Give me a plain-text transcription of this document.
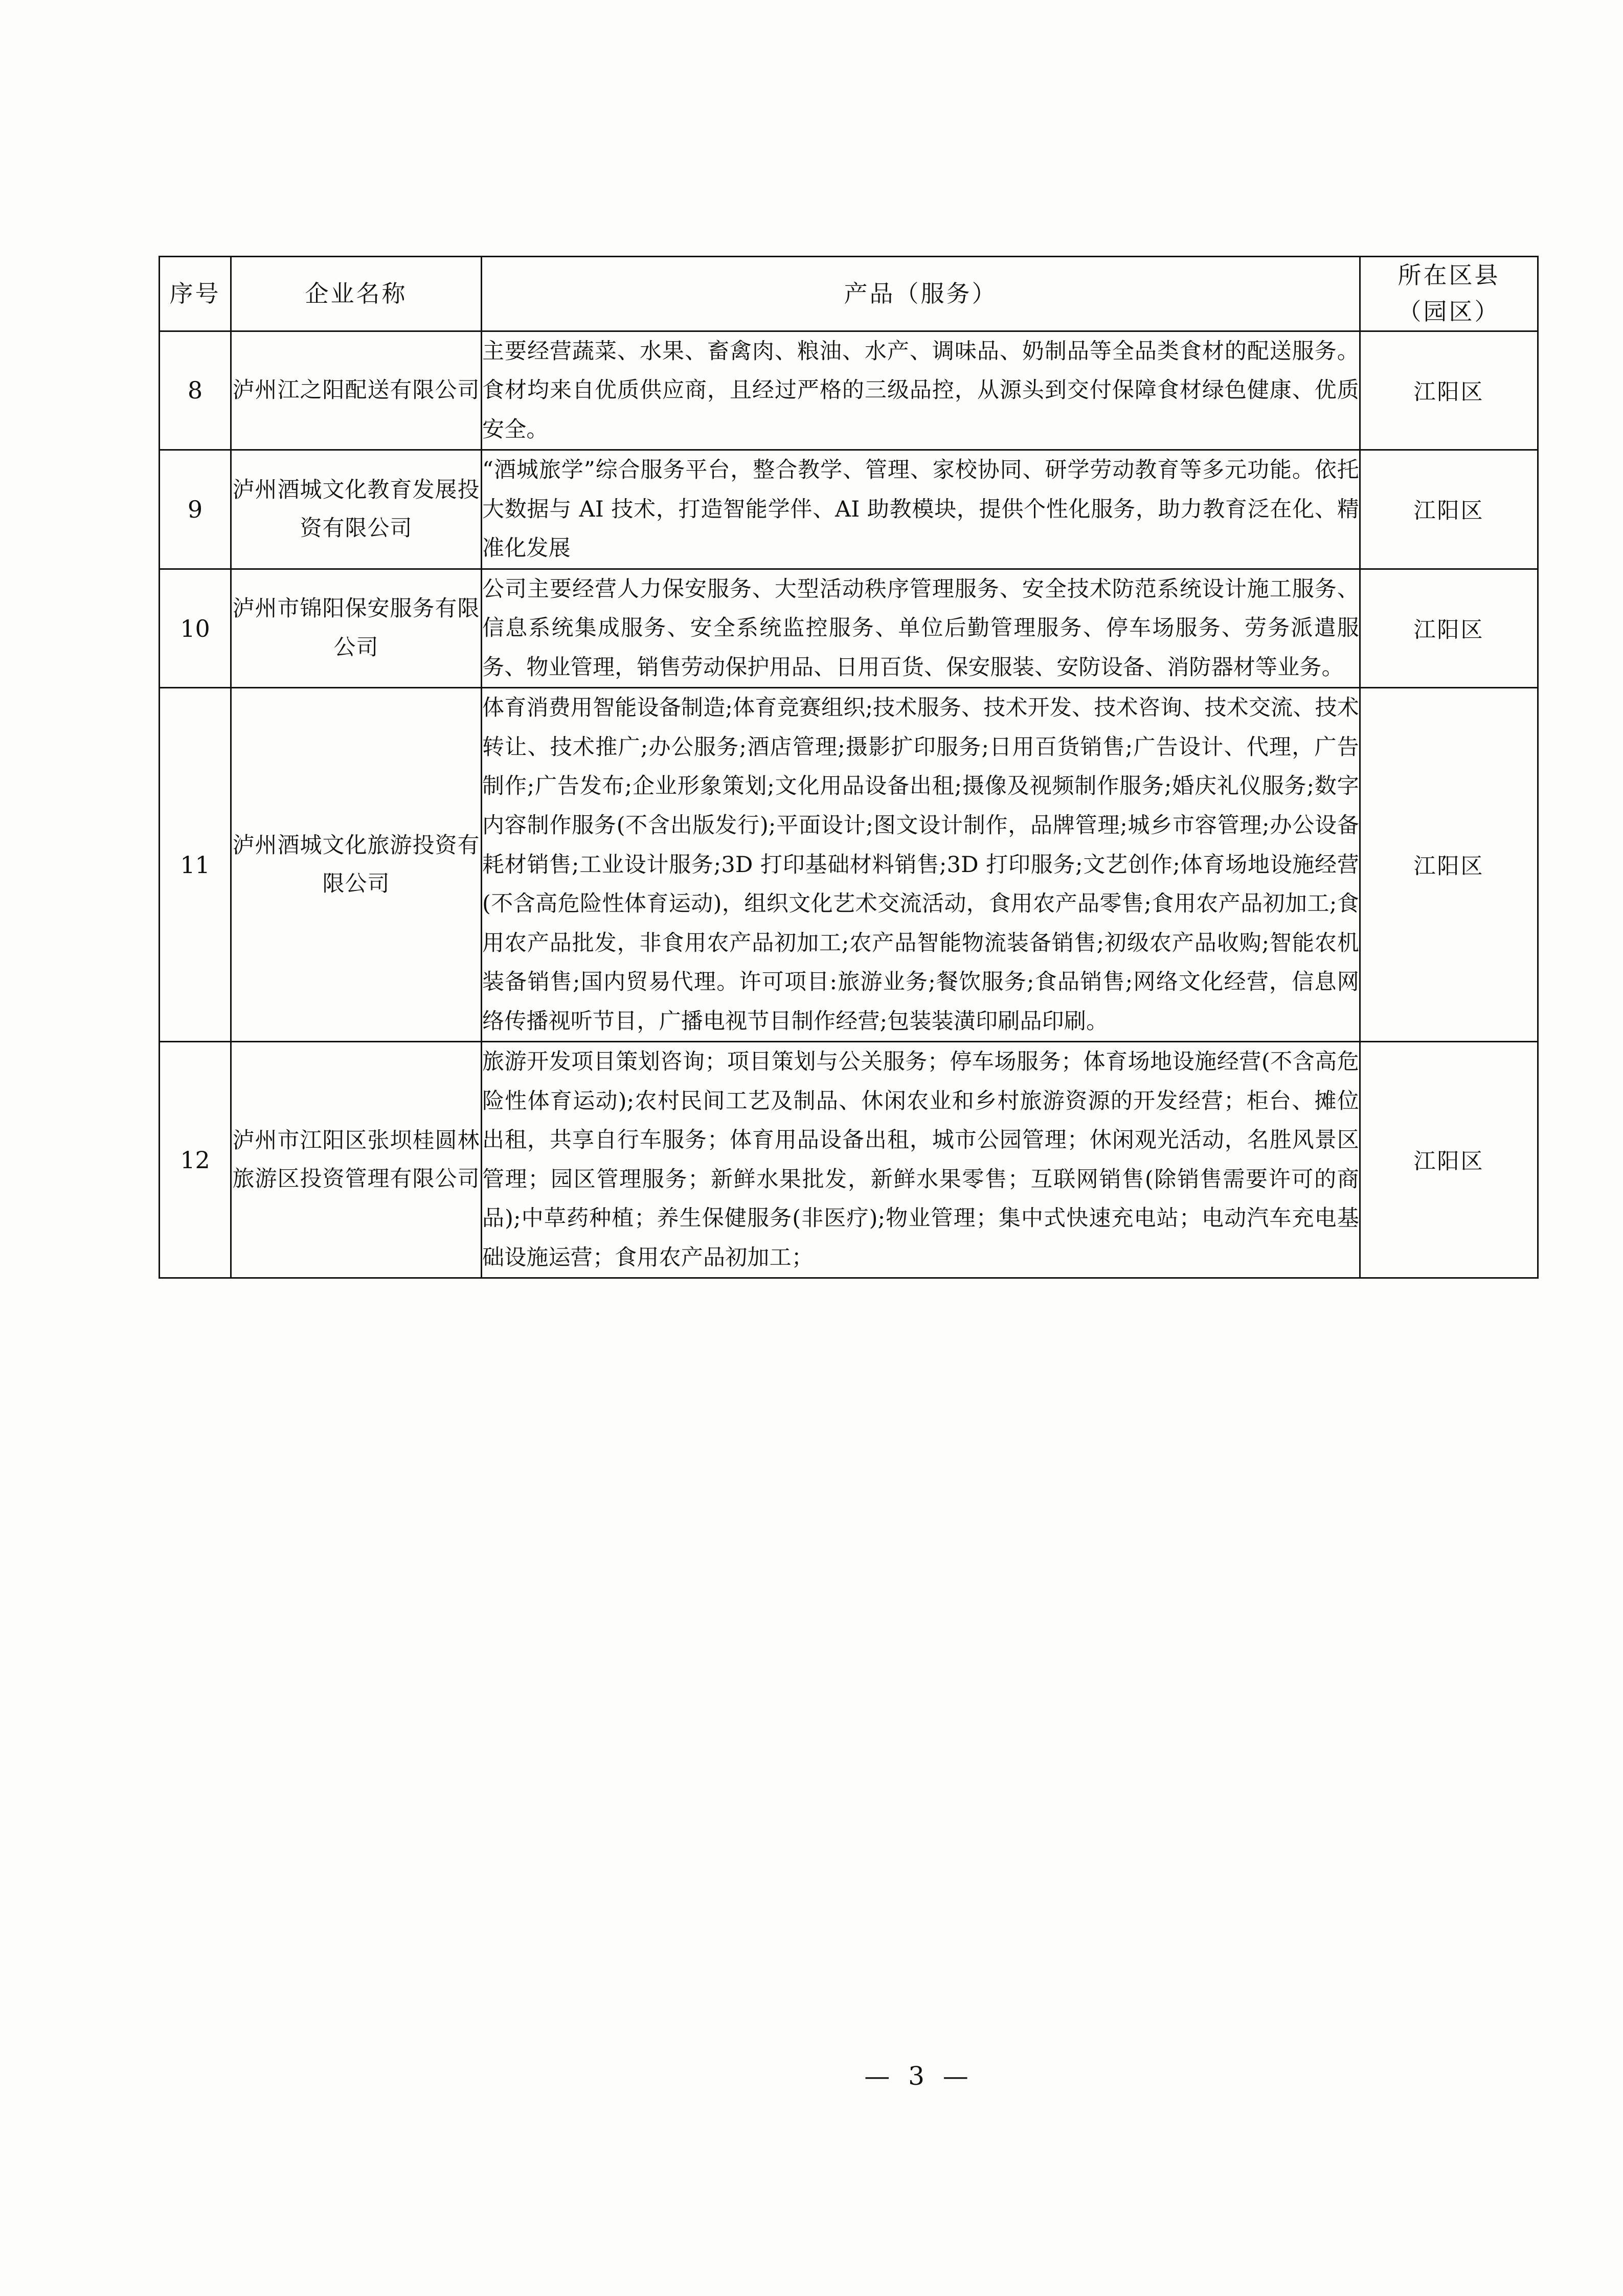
序号	企业名称	产品（服务）	所在区县
（园区）

8	泸州江之阳配送有限公司	主要经营蔬菜、水果、畜禽肉、粮油、水产、调味品、奶制品等全品类食材的配送服务。食材均来自优质供应商，且经过严格的三级品控，从源头到交付保障食材绿色健康、优质安全。	江阳区
9	泸州酒城文化教育发展投资有限公司	“酒城旅学”综合服务平台，整合教学、管理、家校协同、研学劳动教育等多元功能。依托大数据与 AI 技术，打造智能学伴、AI 助教模块，提供个性化服务，助力教育泛在化、精准化发展	江阳区
10	泸州市锦阳保安服务有限公司	公司主要经营人力保安服务、大型活动秩序管理服务、安全技术防范系统设计施工服务、信息系统集成服务、安全系统监控服务、单位后勤管理服务、停车场服务、劳务派遣服务、物业管理，销售劳动保护用品、日用百货、保安服装、安防设备、消防器材等业务。	江阳区
11	泸州酒城文化旅游投资有限公司	体育消费用智能设备制造;体育竞赛组织;技术服务、技术开发、技术咨询、技术交流、技术转让、技术推广;办公服务;酒店管理;摄影扩印服务;日用百货销售;广告设计、代理，广告制作;广告发布;企业形象策划;文化用品设备出租;摄像及视频制作服务;婚庆礼仪服务;数字内容制作服务(不含出版发行);平面设计;图文设计制作，品牌管理;城乡市容管理;办公设备耗材销售;工业设计服务;3D 打印基础材料销售;3D 打印服务;文艺创作;体育场地设施经营(不含高危险性体育运动)，组织文化艺术交流活动，食用农产品零售;食用农产品初加工;食用农产品批发，非食用农产品初加工;农产品智能物流装备销售;初级农产品收购;智能农机装备销售;国内贸易代理。许可项目:旅游业务;餐饮服务;食品销售;网络文化经营，信息网络传播视听节目，广播电视节目制作经营;包装装潢印刷品印刷。	江阳区
12	泸州市江阳区张坝桂圆林旅游区投资管理有限公司	旅游开发项目策划咨询；项目策划与公关服务；停车场服务；体育场地设施经营(不含高危险性体育运动);农村民间工艺及制品、休闲农业和乡村旅游资源的开发经营；柜台、摊位出租，共享自行车服务；体育用品设备出租，城市公园管理；休闲观光活动，名胜风景区管理；园区管理服务；新鲜水果批发，新鲜水果零售；互联网销售(除销售需要许可的商品);中草药种植；养生保健服务(非医疗);物业管理；集中式快速充电站；电动汽车充电基础设施运营；食用农产品初加工；	江阳区
— 3 —
